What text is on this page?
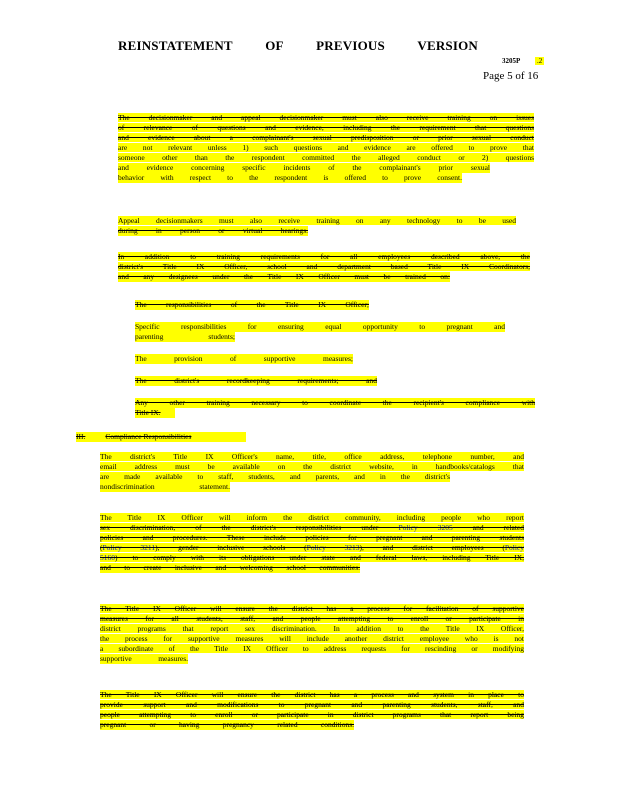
REINSTATEMENT OF PREVIOUS VERSION
3205P .2
Page 5 of 16
The decisionmaker and appeal decisionmaker must also receive training on issues
of relevance of questions and evidence, including the requirement that questions
and evidence about a complainant's sexual predisposition or prior sexual conduct
are not relevant unless 1) such questions and evidence are offered to prove that
someone other than the respondent committed the alleged conduct or 2) questions
and evidence concerning specific incidents of the complainant's prior sexual
behavior with respect to the respondent is offered to prove consent.
Appeal decisionmakers must also receive training on any technology to be used
during in person or virtual hearings.
In addition to training requirements for all employees described above, the
district's Title IX Officer, school and department based Title IX Coordinators,
and any designees under the Title IX Officer must be trained on:
The responsibilities of the Title IX Officer;
Specific responsibilities for ensuring equal opportunity to pregnant and
parenting students;
The provision of supportive measures;
The district's recordkeeping requirements; and
Any other training necessary to coordinate the recipient's compliance with
Title IX.
III.	Compliance Responsibilities
The district's Title IX Officer's name, title, office address, telephone number, and
email address must be available on the district website, in handbooks/catalogs that
are made available to staff, students, and parents, and in the district's
nondiscrimination statement.
The Title IX Officer will inform the district community, including people who report
sex discrimination, of the district's responsibilities under Policy 3205 and related
policies and procedures. These include policies for pregnant and parenting students
(Policy 3211), gender inclusive schools (Policy 3213), and district employees (Policy
5160) to comply with its obligations under state and federal laws, including Title IX,
and to create inclusive and welcoming school communities.
The Title IX Officer will ensure the district has a process for facilitation of supportive
measures for all students, staff, and people attempting to enroll or participate in
district programs that report sex discrimination. In addition to the Title IX Officer,
the process for supportive measures will include another district employee who is not
a subordinate of the Title IX Officer to address requests for rescinding or modifying
supportive measures.
The Title IX Officer will ensure the district has a process and system in place to
provide support and modifications to pregnant and parenting students, staff, and
people attempting to enroll or participate in district programs that report being
pregnant or having pregnancy related conditions.
